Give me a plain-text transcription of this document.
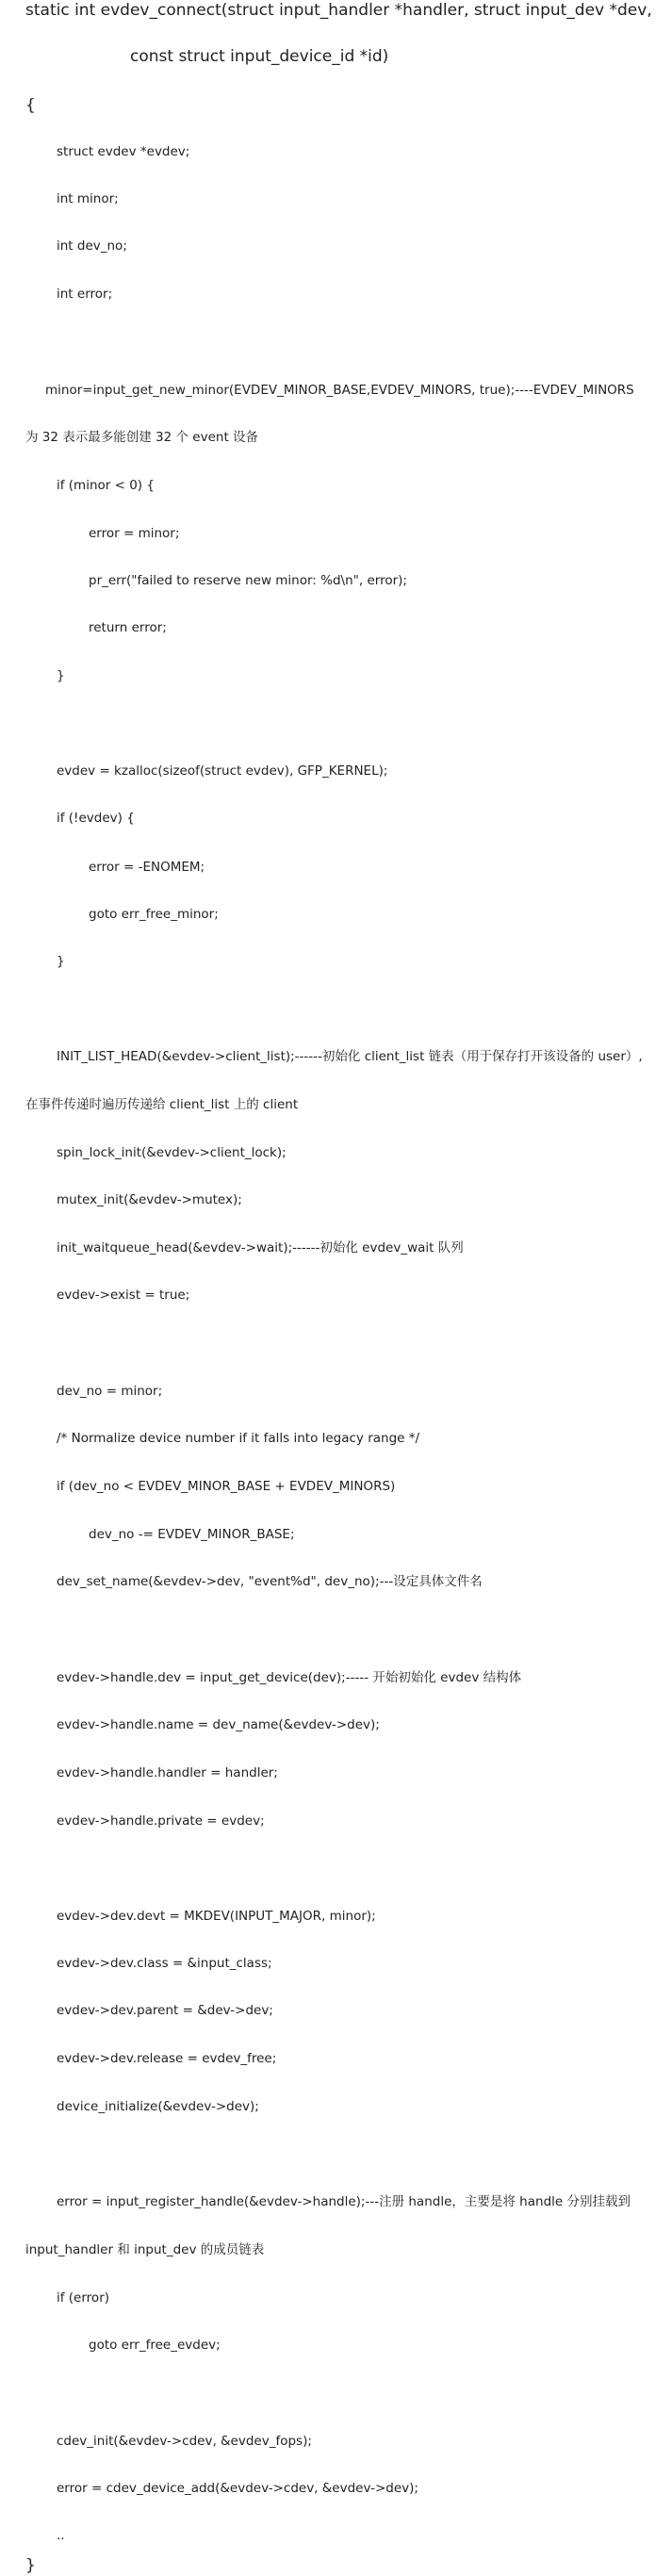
static int evdev_connect(struct input_handler *handler, struct input_dev *dev,
const struct input_device_id *id)
{
struct evdev *evdev;
int minor;
int dev_no;
int error;
minor=input_get_new_minor(EVDEV_MINOR_BASE,EVDEV_MINORS, true);----EVDEV_MINORS
为 32 表示最多能创建 32 个 event 设备
if (minor < 0) {
error = minor;
pr_err("failed to reserve new minor: %d\n", error);
return error;
}
evdev = kzalloc(sizeof(struct evdev), GFP_KERNEL);
if (!evdev) {
error = -ENOMEM;
goto err_free_minor;
}
INIT_LIST_HEAD(&evdev->client_list);------初始化 client_list 链表（用于保存打开该设备的 user）,
在事件传递时遍历传递给 client_list 上的 client
spin_lock_init(&evdev->client_lock);
mutex_init(&evdev->mutex);
init_waitqueue_head(&evdev->wait);------初始化 evdev_wait 队列
evdev->exist = true;
dev_no = minor;
/* Normalize device number if it falls into legacy range */
if (dev_no < EVDEV_MINOR_BASE + EVDEV_MINORS)
dev_no -= EVDEV_MINOR_BASE;
dev_set_name(&evdev->dev, "event%d", dev_no);---设定具体文件名
evdev->handle.dev = input_get_device(dev);----- 开始初始化 evdev 结构体
evdev->handle.name = dev_name(&evdev->dev);
evdev->handle.handler = handler;
evdev->handle.private = evdev;
evdev->dev.devt = MKDEV(INPUT_MAJOR, minor);
evdev->dev.class = &input_class;
evdev->dev.parent = &dev->dev;
evdev->dev.release = evdev_free;
device_initialize(&evdev->dev);
error = input_register_handle(&evdev->handle);---注册 handle，主要是将 handle 分别挂载到
input_handler 和 input_dev 的成员链表
if (error)
goto err_free_evdev;
cdev_init(&evdev->cdev, &evdev_fops);
error = cdev_device_add(&evdev->cdev, &evdev->dev);
..
}
